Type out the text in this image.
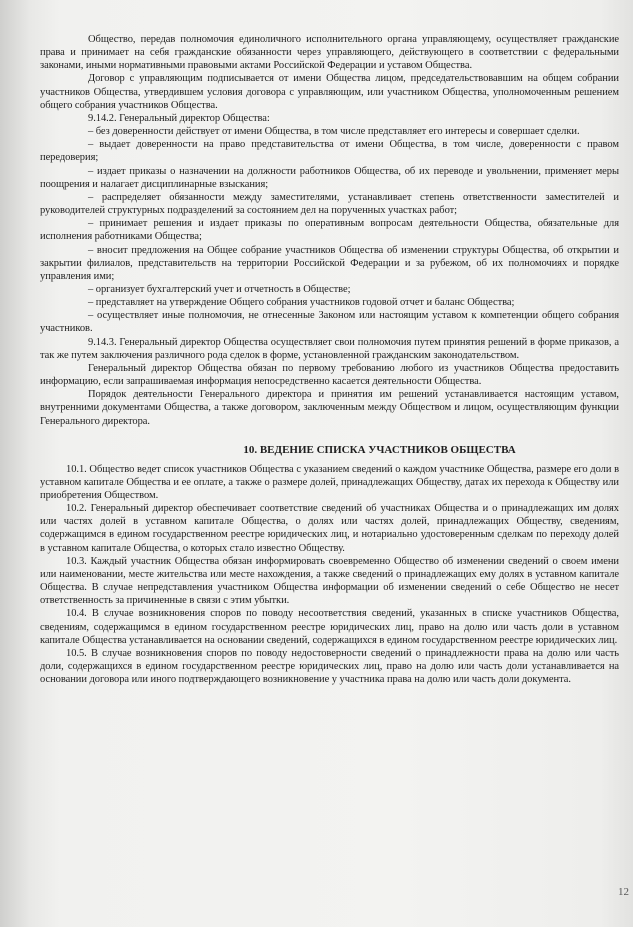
Общество, передав полномочия единоличного исполнительного органа управляющему, осуществляет гражданские права и принимает на себя гражданские обязанности через управляющего, действующего в соответствии с федеральными законами, иными нормативными правовыми актами Российской Федерации и уставом Общества.

Договор с управляющим подписывается от имени Общества лицом, председательствовавшим на общем собрании участников Общества, утвердившем условия договора с управляющим, или участником Общества, уполномоченным решением общего собрания участников Общества.

9.14.2. Генеральный директор Общества:

– без доверенности действует от имени Общества, в том числе представляет его интересы и совершает сделки.

– выдает доверенности на право представительства от имени Общества, в том числе, доверенности с правом передоверия;

– издает приказы о назначении на должности работников Общества, об их переводе и увольнении, применяет меры поощрения и налагает дисциплинарные взыскания;

– распределяет обязанности между заместителями, устанавливает степень ответственности заместителей и руководителей структурных подразделений за состоянием дел на порученных участках работ;

– принимает решения и издает приказы по оперативным вопросам деятельности Общества, обязательные для исполнения работниками Общества;

– вносит предложения на Общее собрание участников Общества об изменении структуры Общества, об открытии и закрытии филиалов, представительств на территории Российской Федерации и за рубежом, об их полномочиях и порядке управления ими;

– организует бухгалтерский учет и отчетность в Обществе;

– представляет на утверждение Общего собрания участников годовой отчет и баланс Общества;

– осуществляет иные полномочия, не отнесенные Законом или настоящим уставом к компетенции общего собрания участников.

9.14.3. Генеральный директор Общества осуществляет свои полномочия путем принятия решений в форме приказов, а так же путем заключения различного рода сделок в форме, установленной гражданским законодательством.

Генеральный директор Общества обязан по первому требованию любого из участников Общества предоставить информацию, если запрашиваемая информация непосредственно касается деятельности Общества.

Порядок деятельности Генерального директора и принятия им решений устанавливается настоящим уставом, внутренними документами Общества, а также договором, заключенным между Обществом и лицом, осуществляющим функции Генерального директора.

10. ВЕДЕНИЕ СПИСКА УЧАСТНИКОВ ОБЩЕСТВА

10.1. Общество ведет список участников Общества с указанием сведений о каждом участнике Общества, размере его доли в уставном капитале Общества и ее оплате, а также о размере долей, принадлежащих Обществу, датах их перехода к Обществу или приобретения Обществом.

10.2. Генеральный директор обеспечивает соответствие сведений об участниках Общества и о принадлежащих им долях или частях долей в уставном капитале Общества, о долях или частях долей, принадлежащих Обществу, сведениям, содержащимся в едином государственном реестре юридических лиц, и нотариально удостоверенным сделкам по переходу долей в уставном капитале Общества, о которых стало известно Обществу.

10.3. Каждый участник Общества обязан информировать своевременно Общество об изменении сведений о своем имени или наименовании, месте жительства или месте нахождения, а также сведений о принадлежащих ему долях в уставном капитале Общества. В случае непредставления участником Общества информации об изменении сведений о себе Общество не несет ответственность за причиненные в связи с этим убытки.

10.4. В случае возникновения споров по поводу несоответствия сведений, указанных в списке участников Общества, сведениям, содержащимся в едином государственном реестре юридических лиц, право на долю или часть доли в уставном капитале Общества устанавливается на основании сведений, содержащихся в едином государственном реестре юридических лиц.

10.5. В случае возникновения споров по поводу недостоверности сведений о принадлежности права на долю или часть доли, содержащихся в едином государственном реестре юридических лиц, право на долю или часть доли устанавливается на основании договора или иного подтверждающего возникновение у участника права на долю или часть доли документа.

12
